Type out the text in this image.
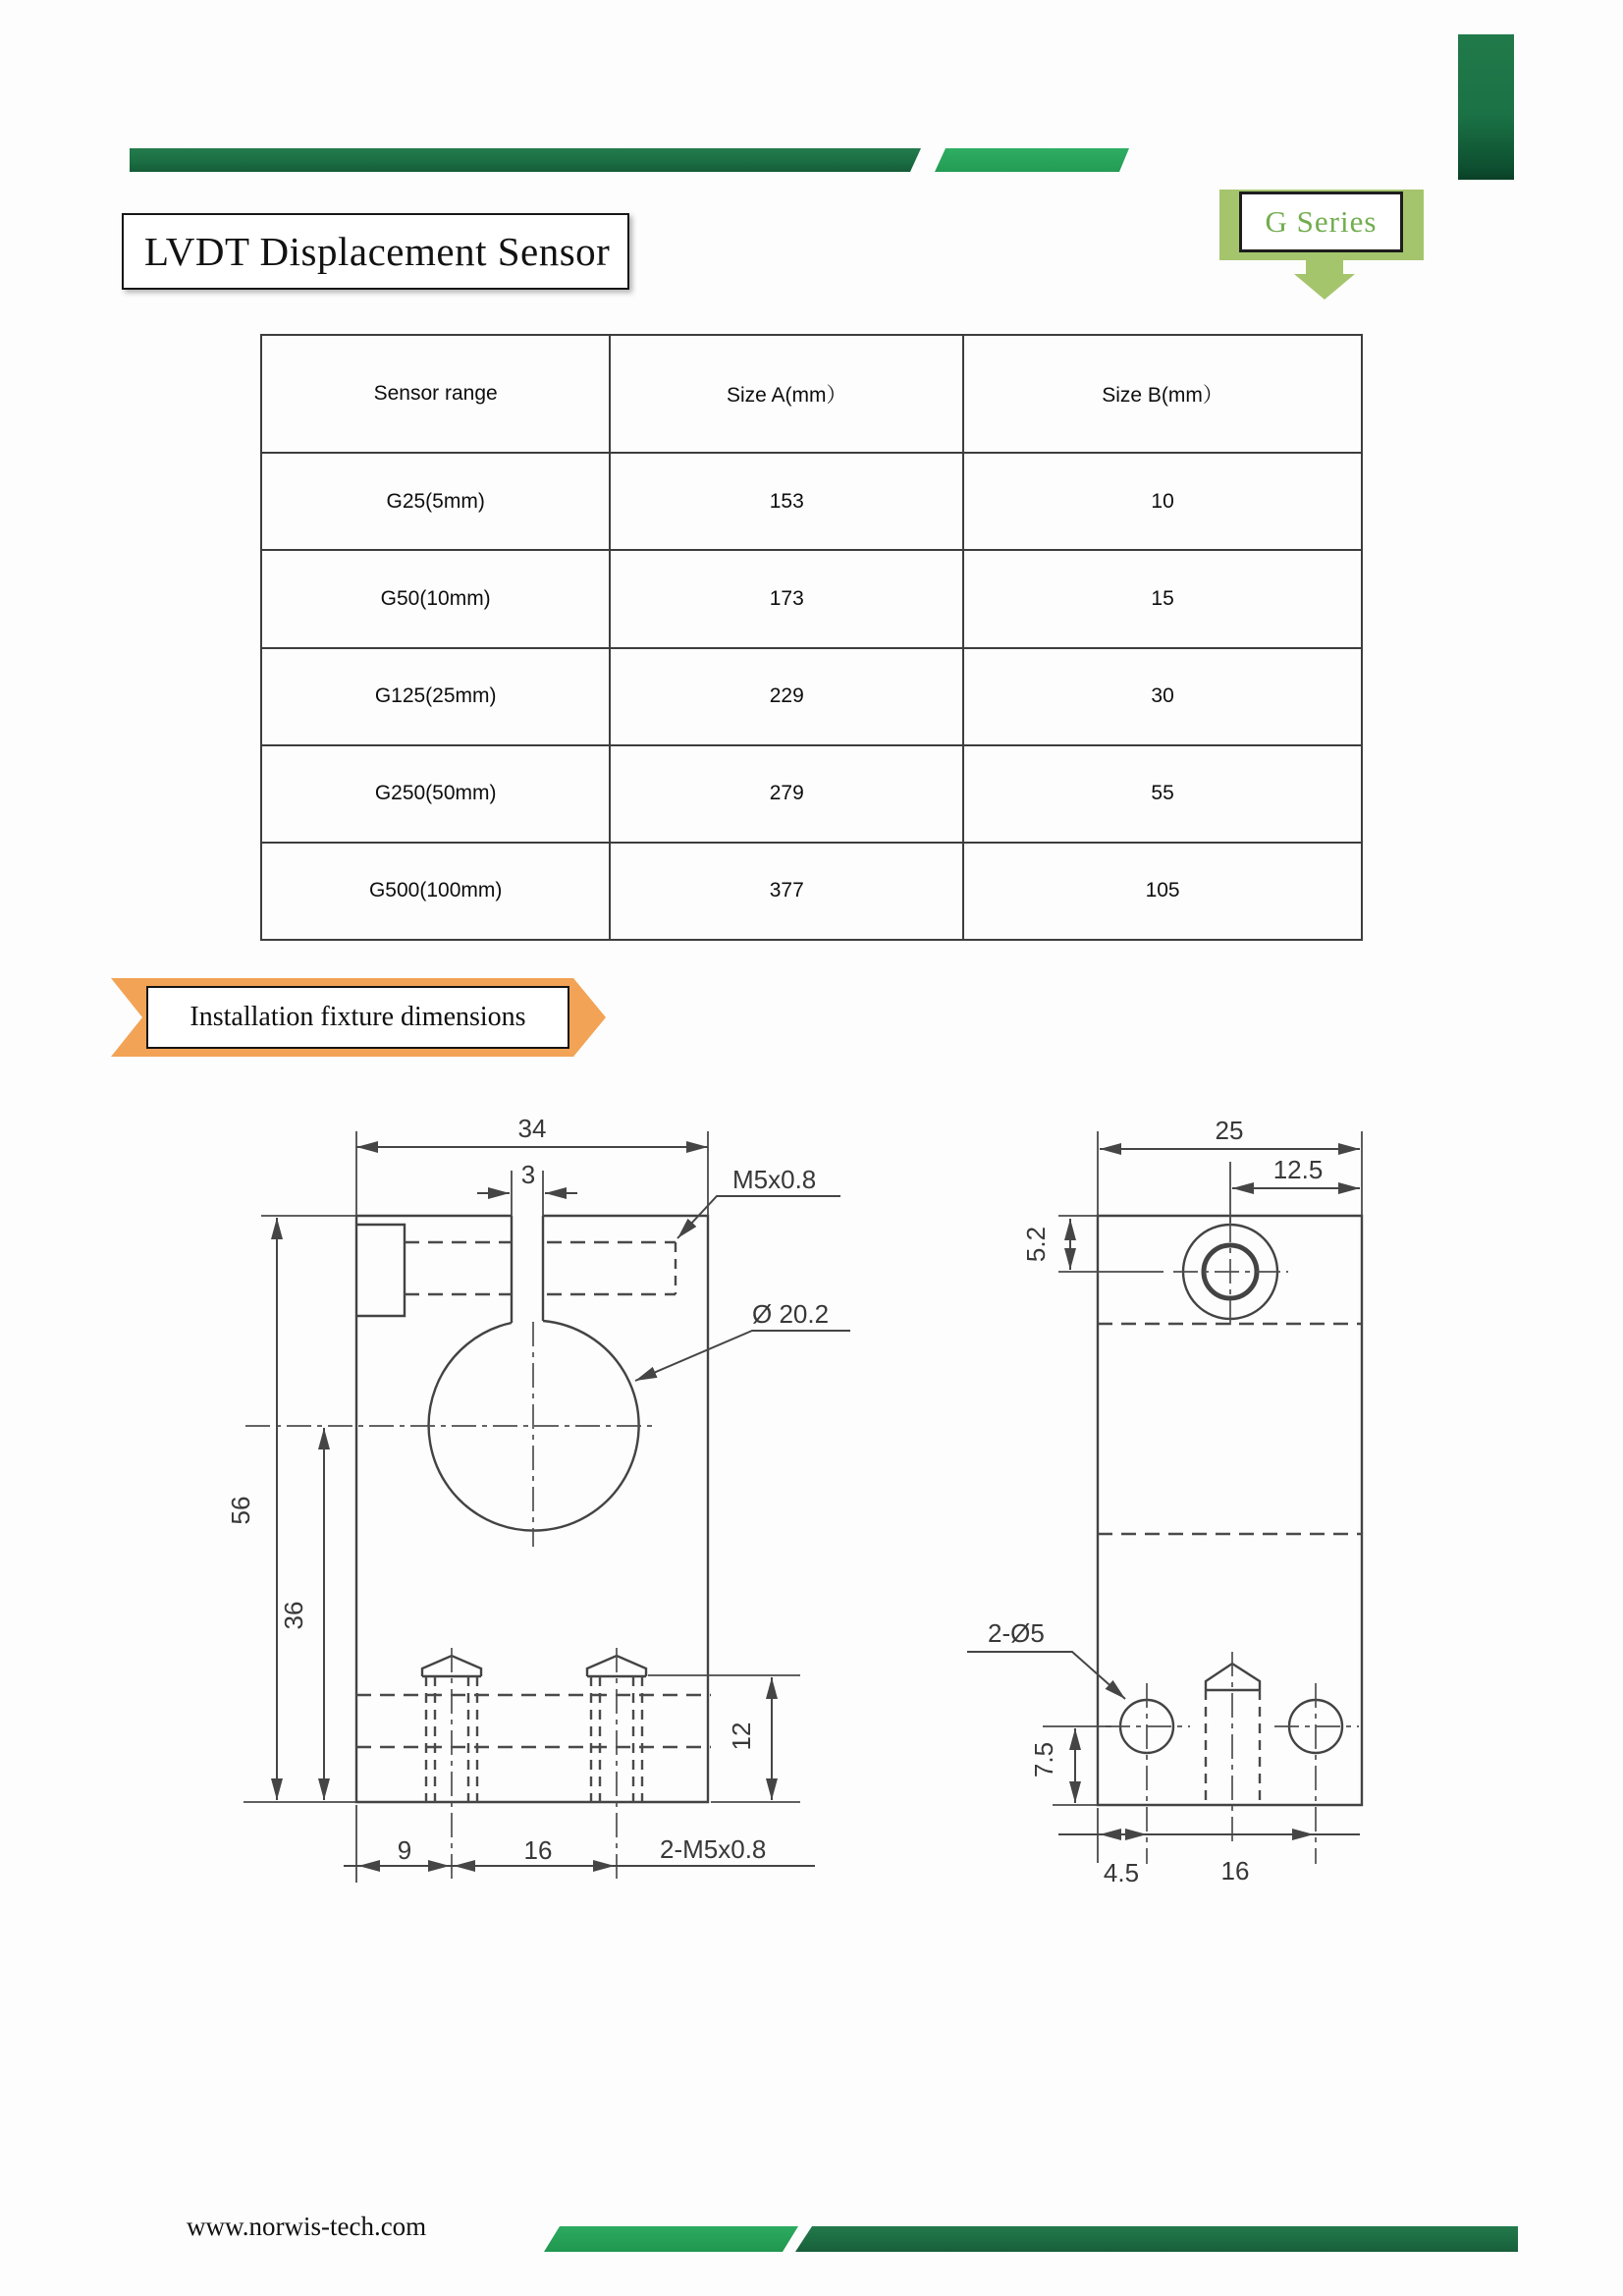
G Series
LVDT Displacement Sensor
Sensor range	Size A(mm）	Size B(mm）
G25(5mm)	153	10
G50(10mm)	173	15
G125(25mm)	229	30
G250(50mm)	279	55
G500(100mm)	377	105
Installation fixture dimensions
34
3	M5x0.8
Ø 20.2
56
36
12
9	16	2-M5x0.8
25
12.5
5.2
2-Ø5
7.5
4.5	16
www.norwis-tech.com
